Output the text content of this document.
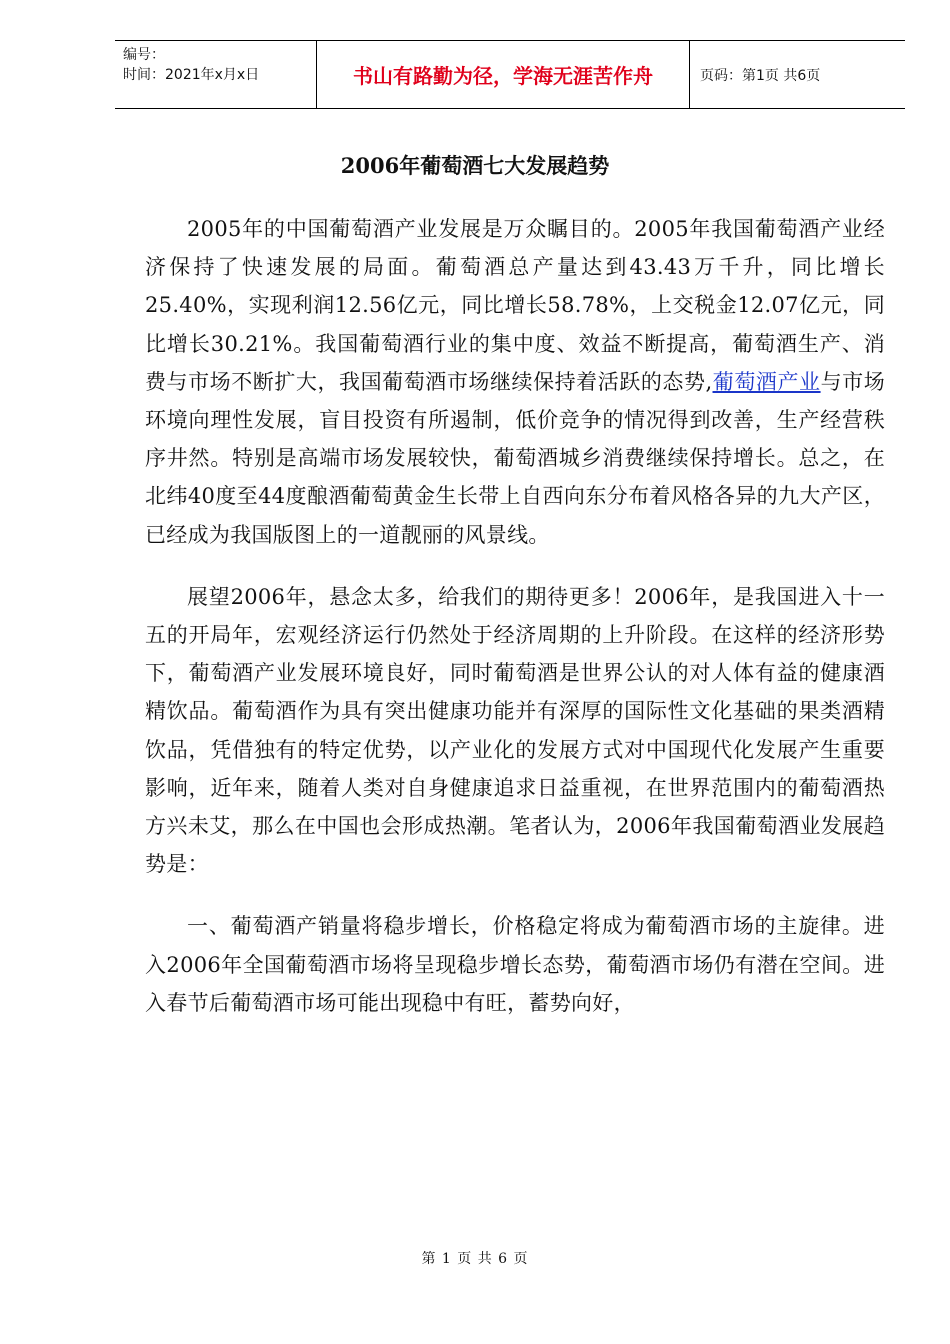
编号：
时间：2021年x月x日	书山有路勤为径，学海无涯苦作舟	页码：第1页 共6页
2006年葡萄酒七大发展趋势

2005年的中国葡萄酒产业发展是万众瞩目的。2005年我国葡萄酒产业经济保持了快速发展的局面。葡萄酒总产量达到43.43万千升，同比增长25.40%，实现利润12.56亿元，同比增长58.78%，上交税金12.07亿元，同比增长30.21%。我国葡萄酒行业的集中度、效益不断提高，葡萄酒生产、消费与市场不断扩大，我国葡萄酒市场继续保持着活跃的态势,葡萄酒产业与市场环境向理性发展，盲目投资有所遏制，低价竞争的情况得到改善，生产经营秩序井然。特别是高端市场发展较快，葡萄酒城乡消费继续保持增长。总之，在北纬40度至44度酿酒葡萄黄金生长带上自西向东分布着风格各异的九大产区，已经成为我国版图上的一道靓丽的风景线。

展望2006年，悬念太多，给我们的期待更多！2006年，是我国进入十一五的开局年，宏观经济运行仍然处于经济周期的上升阶段。在这样的经济形势下，葡萄酒产业发展环境良好，同时葡萄酒是世界公认的对人体有益的健康酒精饮品。葡萄酒作为具有突出健康功能并有深厚的国际性文化基础的果类酒精饮品，凭借独有的特定优势，以产业化的发展方式对中国现代化发展产生重要影响，近年来，随着人类对自身健康追求日益重视，在世界范围内的葡萄酒热方兴未艾，那么在中国也会形成热潮。笔者认为，2006年我国葡萄酒业发展趋势是：

一、葡萄酒产销量将稳步增长，价格稳定将成为葡萄酒市场的主旋律。进入2006年全国葡萄酒市场将呈现稳步增长态势，葡萄酒市场仍有潜在空间。进入春节后葡萄酒市场可能出现稳中有旺，蓄势向好，

第 1 页 共 6 页
